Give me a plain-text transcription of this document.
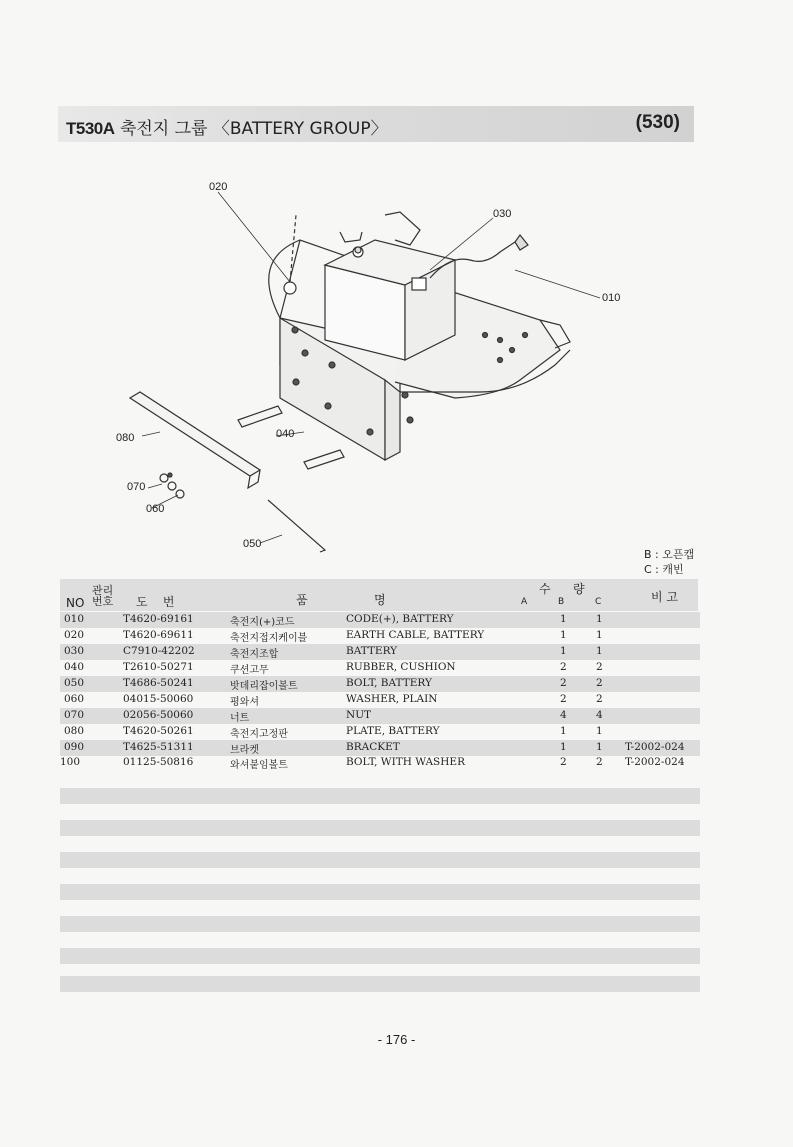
T530A 축전지 그룹 〈BATTERY GROUP〉	(530)
020
030
010
080	040
070
060
050
B : 오픈캡
C : 캐빈
NO
관리
번호 도    번	품	명
수 량
A	B	C	비 고
010	T4620-69161	축전지(+)코드	CODE(+), BATTERY	1	1
020	T4620-69611	축전지접지케이블	EARTH CABLE, BATTERY	1	1
030	C7910-42202	축전지조합	BATTERY	1	1
040	T2610-50271	쿠션고무	RUBBER, CUSHION	2	2
050	T4686-50241	밧데리잡이볼트	BOLT, BATTERY	2	2
060	04015-50060	평와셔	WASHER, PLAIN	2	2
070	02056-50060	너트	NUT	4	4
080	T4620-50261	축전지고정판	PLATE, BATTERY	1	1
090	T4625-51311	브라켓	BRACKET	1	1 T-2002-024
100	01125-50816	와셔붙임볼트	BOLT, WITH WASHER	2	2 T-2002-024
- 176 -
